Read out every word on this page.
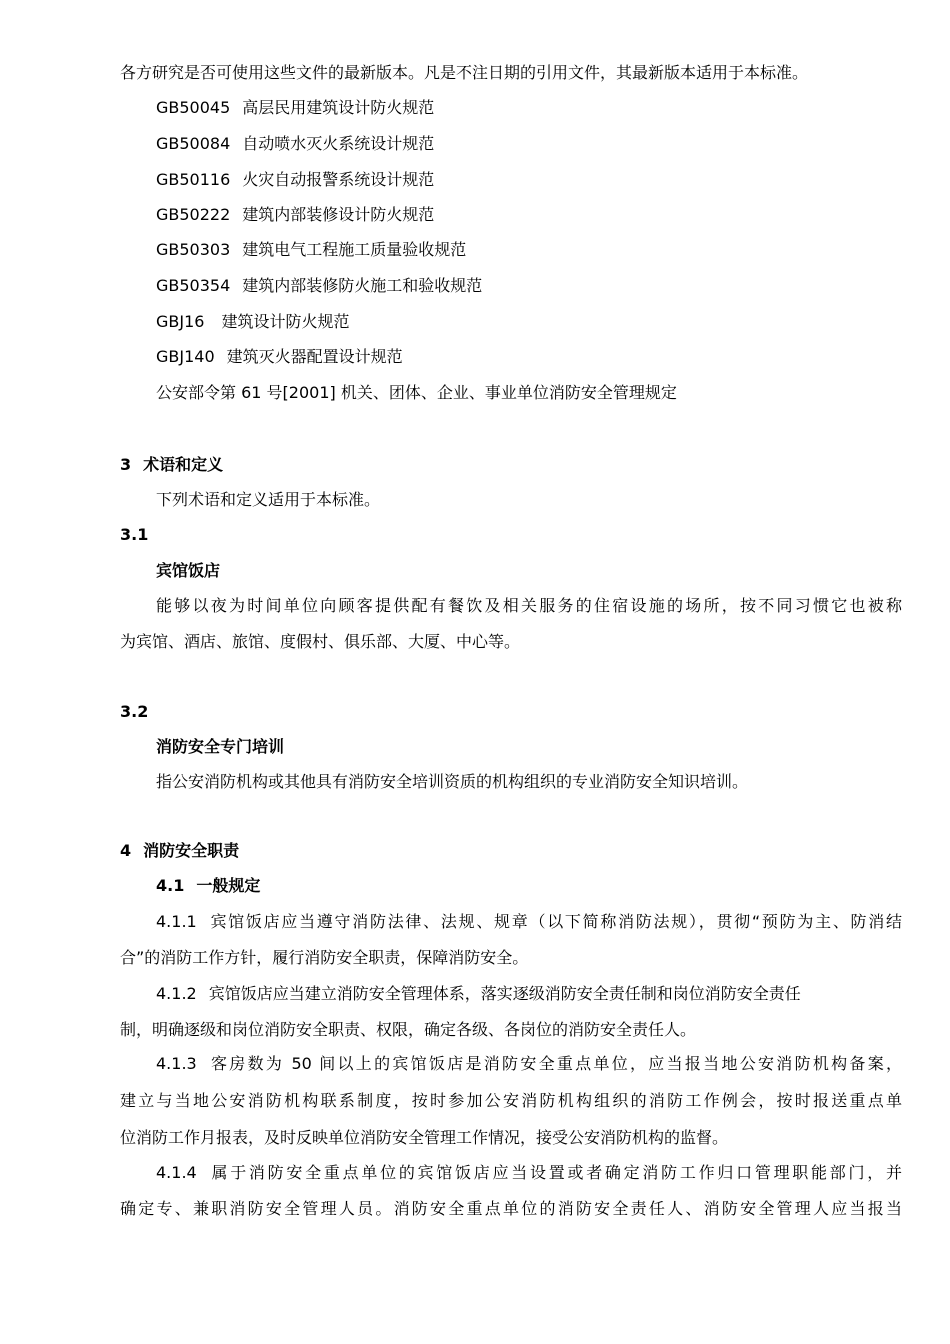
各方研究是否可使用这些文件的最新版本。凡是不注日期的引用文件，其最新版本适用于本标准。
GB50045 高层民用建筑设计防火规范
GB50084 自动喷水灭火系统设计规范
GB50116 火灾自动报警系统设计规范
GB50222 建筑内部装修设计防火规范
GB50303 建筑电气工程施工质量验收规范
GB50354 建筑内部装修防火施工和验收规范
GBJ16 建筑设计防火规范
GBJ140 建筑灭火器配置设计规范
公安部令第 61 号[2001] 机关、团体、企业、事业单位消防安全管理规定
3 术语和定义
下列术语和定义适用于本标准。
3.1
宾馆饭店
能够以夜为时间单位向顾客提供配有餐饮及相关服务的住宿设施的场所，按不同习惯它也被称
为宾馆、酒店、旅馆、度假村、俱乐部、大厦、中心等。
3.2
消防安全专门培训
指公安消防机构或其他具有消防安全培训资质的机构组织的专业消防安全知识培训。
4 消防安全职责
4.1 一般规定
4.1.1 宾馆饭店应当遵守消防法律、法规、规章（以下简称消防法规），贯彻“预防为主、防消结
合”的消防工作方针，履行消防安全职责，保障消防安全。
4.1.2 宾馆饭店应当建立消防安全管理体系，落实逐级消防安全责任制和岗位消防安全责任
制，明确逐级和岗位消防安全职责、权限，确定各级、各岗位的消防安全责任人。
4.1.3 客房数为 50 间以上的宾馆饭店是消防安全重点单位，应当报当地公安消防机构备案，
建立与当地公安消防机构联系制度，按时参加公安消防机构组织的消防工作例会，按时报送重点单
位消防工作月报表，及时反映单位消防安全管理工作情况，接受公安消防机构的监督。
4.1.4 属于消防安全重点单位的宾馆饭店应当设置或者确定消防工作归口管理职能部门，并
确定专、兼职消防安全管理人员。消防安全重点单位的消防安全责任人、消防安全管理人应当报当
